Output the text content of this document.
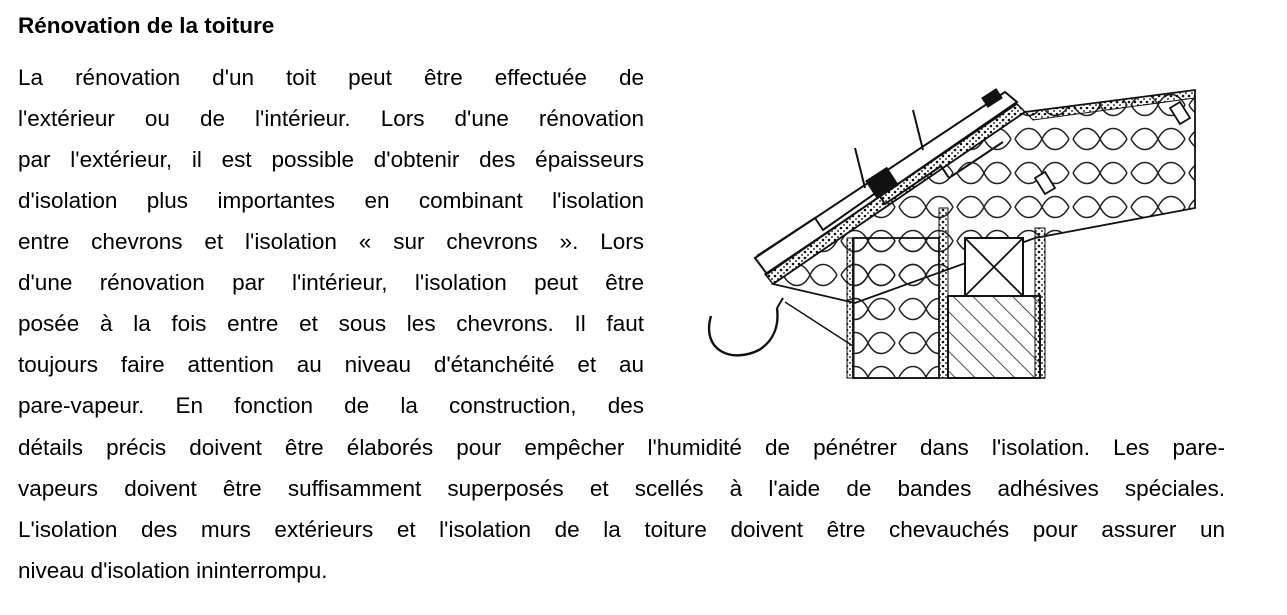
Rénovation de la toiture
La rénovation d'un toit peut être effectuée de
l'extérieur ou de l'intérieur. Lors d'une rénovation
par l'extérieur, il est possible d'obtenir des épaisseurs
d'isolation plus importantes en combinant l'isolation
entre chevrons et l'isolation « sur chevrons ». Lors
d'une rénovation par l'intérieur, l'isolation peut être
posée à la fois entre et sous les chevrons. Il faut
toujours faire attention au niveau d'étanchéité et au
pare-vapeur. En fonction de la construction, des
détails précis doivent être élaborés pour empêcher l'humidité de pénétrer dans l'isolation. Les pare-
vapeurs doivent être suffisamment superposés et scellés à l'aide de bandes adhésives spéciales.
L'isolation des murs extérieurs et l'isolation de la toiture doivent être chevauchés pour assurer un
niveau d'isolation ininterrompu.
